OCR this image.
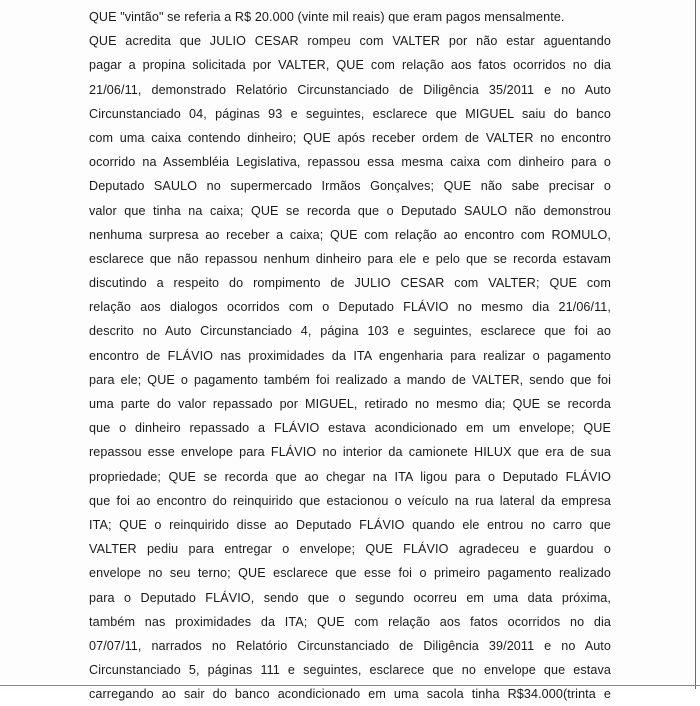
QUE "vintão" se referia a R$ 20.000 (vinte mil reais) que eram pagos mensalmente.
QUE acredita que JULIO CESAR rompeu com VALTER por não estar aguentando
pagar a propina solicitada por VALTER, QUE com relação aos fatos ocorridos no dia
21/06/11, demonstrado Relatório Circunstanciado de Diligência 35/2011 e no Auto
Circunstanciado 04, páginas 93 e seguintes, esclarece que MIGUEL saiu do banco
com uma caixa contendo dinheiro; QUE após receber ordem de VALTER no encontro
ocorrido na Assembléia Legislativa, repassou essa mesma caixa com dinheiro para o
Deputado SAULO no supermercado Irmãos Gonçalves; QUE não sabe precisar o
valor que tinha na caixa; QUE se recorda que o Deputado SAULO não demonstrou
nenhuma surpresa ao receber a caixa; QUE com relação ao encontro com ROMULO,
esclarece que não repassou nenhum dinheiro para ele e pelo que se recorda estavam
discutindo a respeito do rompimento de JULIO CESAR com VALTER; QUE com
relação aos dialogos ocorridos com o Deputado FLÁVIO no mesmo dia 21/06/11,
descrito no Auto Circunstanciado 4, página 103 e seguintes, esclarece que foi ao
encontro de FLÁVIO nas proximidades da ITA engenharia para realizar o pagamento
para ele; QUE o pagamento também foi realizado a mando de VALTER, sendo que foi
uma parte do valor repassado por MIGUEL, retirado no mesmo dia; QUE se recorda
que o dinheiro repassado a FLÁVIO estava acondicionado em um envelope; QUE
repassou esse envelope para FLÁVIO no interior da camionete HILUX que era de sua
propriedade; QUE se recorda que ao chegar na ITA ligou para o Deputado FLÁVIO
que foi ao encontro do reinquirido que estacionou o veículo na rua lateral da empresa
ITA; QUE o reinquirido disse ao Deputado FLÁVIO quando ele entrou no carro que
VALTER pediu para entregar o envelope; QUE FLÁVIO agradeceu e guardou o
envelope no seu terno; QUE esclarece que esse foi o primeiro pagamento realizado
para o Deputado FLÁVIO, sendo que o segundo ocorreu em uma data próxima,
também nas proximidades da ITA; QUE com relação aos fatos ocorridos no dia
07/07/11, narrados no Relatório Circunstanciado de Diligência 39/2011 e no Auto
Circunstanciado 5, páginas 111 e seguintes, esclarece que no envelope que estava
carregando ao sair do banco acondicionado em uma sacola tinha R$34.000(trinta e
